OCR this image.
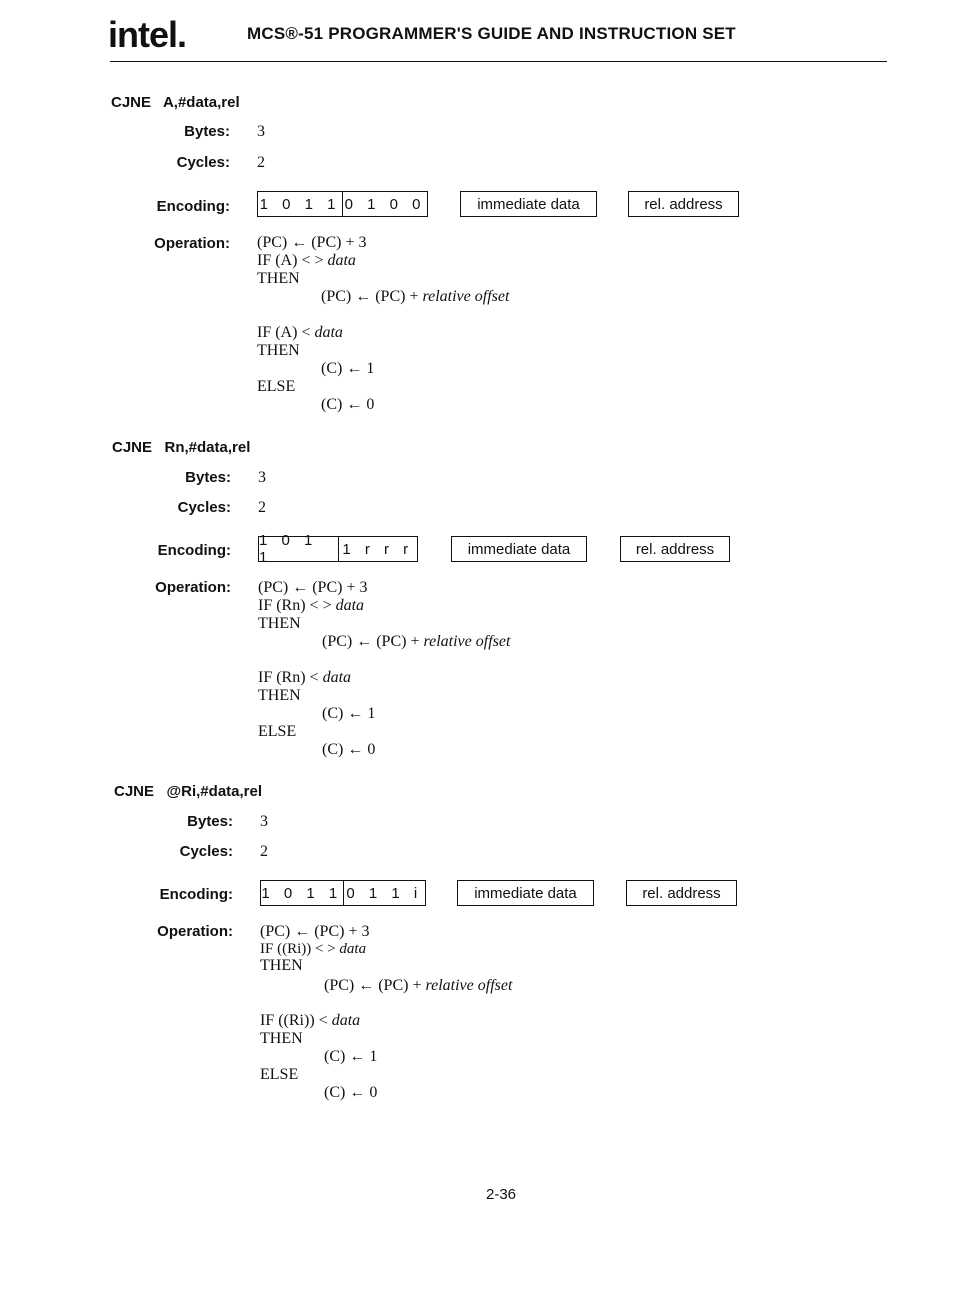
intel.	MCS®-51 PROGRAMMER'S GUIDE AND INSTRUCTION SET
CJNE   A,#data,rel
Bytes: 3
Cycles: 2
Encoding: 1 0 1 1 0 1 0 0	immediate data	rel. address
Operation: (PC) ← (PC) + 3
IF (A) < > data
THEN
(PC) ← (PC) + relative offset
IF (A) < data
THEN
(C) ← 1
ELSE
(C) ← 0
CJNE   Rn,#data,rel
Bytes: 3
Cycles: 2
Encoding:
1 0 1 1	1 r r r	immediate data	rel. address
Operation: (PC) ← (PC) + 3
IF (Rn) < > data
THEN
(PC) ← (PC) + relative offset
IF (Rn) < data
THEN
(C) ← 1
ELSE
(C) ← 0
CJNE   @Ri,#data,rel
Bytes: 3
Cycles: 2
Encoding: 1 0 1 1 0 1 1 i	immediate data	rel. address
Operation: (PC) ← (PC) + 3
IF ((Ri)) < > data
THEN
(PC) ← (PC) + relative offset
IF ((Ri)) < data
THEN
(C) ← 1
ELSE
(C) ← 0
2-36
